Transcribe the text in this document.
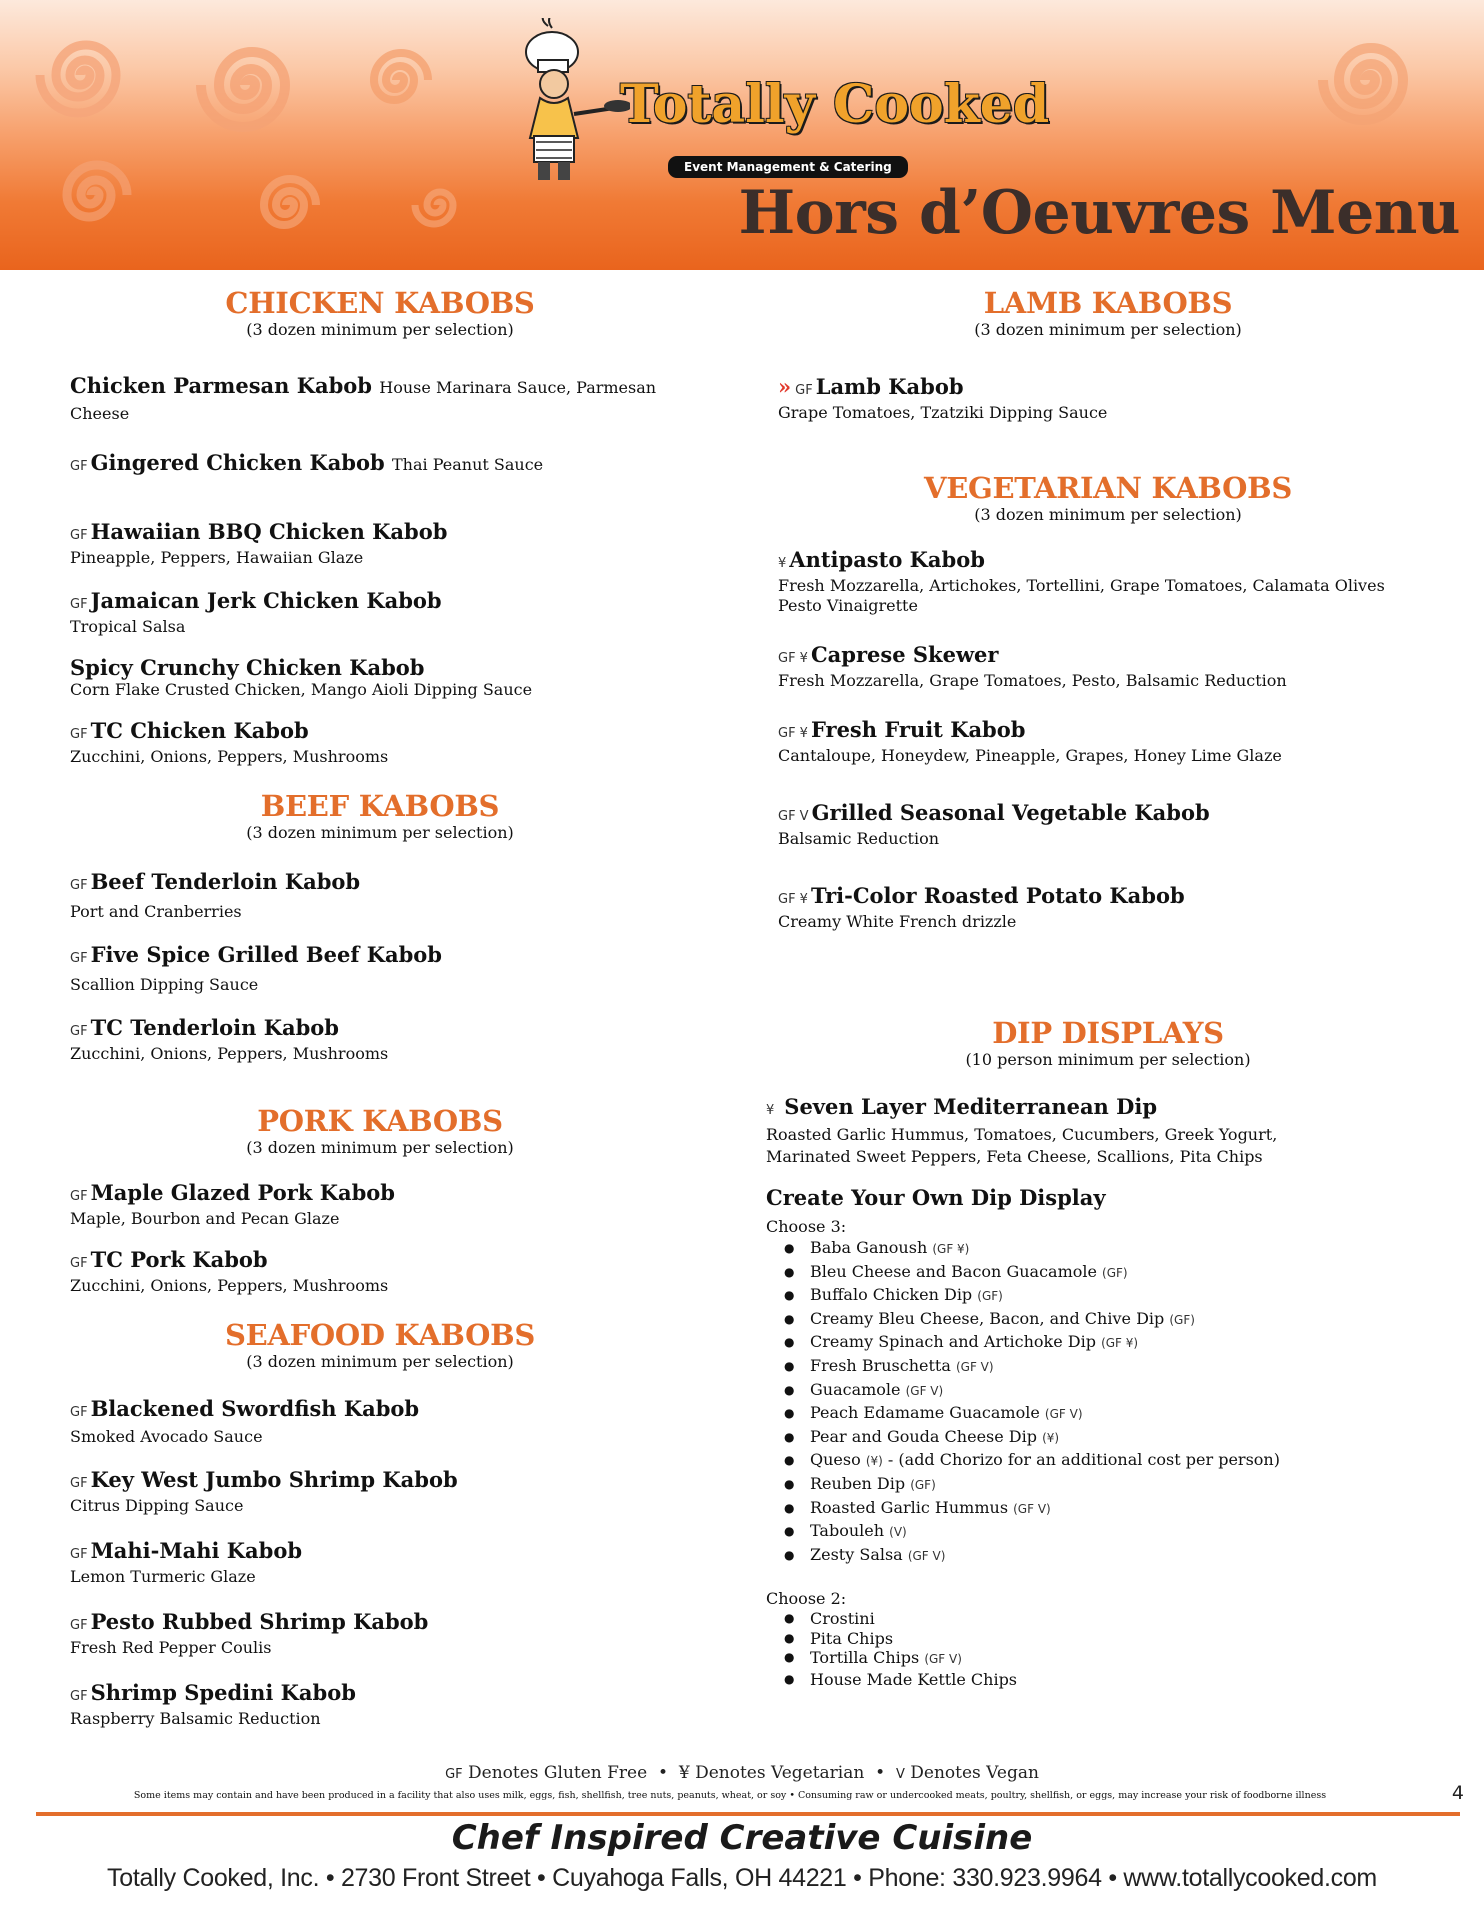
Totally Cooked
Event Management & Catering
Hors d’Oeuvres Menu
CHICKEN KABOBS
(3 dozen minimum per selection)
Chicken Parmesan Kabob House Marinara Sauce, Parmesan Cheese
GF Gingered Chicken Kabob Thai Peanut Sauce
GF Hawaiian BBQ Chicken Kabob
Pineapple, Peppers, Hawaiian Glaze
GF Jamaican Jerk Chicken Kabob
Tropical Salsa
Spicy Crunchy Chicken Kabob
Corn Flake Crusted Chicken, Mango Aioli Dipping Sauce
GF TC Chicken Kabob
Zucchini, Onions, Peppers, Mushrooms
BEEF KABOBS
(3 dozen minimum per selection)
GF Beef Tenderloin Kabob
Port and Cranberries
GF Five Spice Grilled Beef Kabob
Scallion Dipping Sauce
GF TC Tenderloin Kabob
Zucchini, Onions, Peppers, Mushrooms
PORK KABOBS
(3 dozen minimum per selection)
GF Maple Glazed Pork Kabob
Maple, Bourbon and Pecan Glaze
GF TC Pork Kabob
Zucchini, Onions, Peppers, Mushrooms
SEAFOOD KABOBS
(3 dozen minimum per selection)
GF Blackened Swordfish Kabob
Smoked Avocado Sauce
GF Key West Jumbo Shrimp Kabob
Citrus Dipping Sauce
GF Mahi-Mahi Kabob
Lemon Turmeric Glaze
GF Pesto Rubbed Shrimp Kabob
Fresh Red Pepper Coulis
GF Shrimp Spedini Kabob
Raspberry Balsamic Reduction
LAMB KABOBS
(3 dozen minimum per selection)
» GF Lamb Kabob
Grape Tomatoes, Tzatziki Dipping Sauce
VEGETARIAN KABOBS
(3 dozen minimum per selection)
¥ Antipasto Kabob
Fresh Mozzarella, Artichokes, Tortellini, Grape Tomatoes, Calamata Olives Pesto Vinaigrette
GF ¥ Caprese Skewer
Fresh Mozzarella, Grape Tomatoes, Pesto, Balsamic Reduction
GF ¥ Fresh Fruit Kabob
Cantaloupe, Honeydew, Pineapple, Grapes, Honey Lime Glaze
GF V Grilled Seasonal Vegetable Kabob
Balsamic Reduction
GF ¥ Tri-Color Roasted Potato Kabob
Creamy White French drizzle
DIP DISPLAYS
(10 person minimum per selection)
¥ Seven Layer Mediterranean Dip
Roasted Garlic Hummus, Tomatoes, Cucumbers, Greek Yogurt,
Marinated Sweet Peppers, Feta Cheese, Scallions, Pita Chips
Create Your Own Dip Display
Choose 3:
● Baba Ganoush (GF ¥)
● Bleu Cheese and Bacon Guacamole (GF)
● Buffalo Chicken Dip (GF)
● Creamy Bleu Cheese, Bacon, and Chive Dip (GF)
● Creamy Spinach and Artichoke Dip (GF ¥)
● Fresh Bruschetta (GF V)
● Guacamole (GF V)
● Peach Edamame Guacamole (GF V)
● Pear and Gouda Cheese Dip (¥)
● Queso (¥) - (add Chorizo for an additional cost per person)
● Reuben Dip (GF)
● Roasted Garlic Hummus (GF V)
● Tabouleh (V)
● Zesty Salsa (GF V)
Choose 2:
● Crostini
● Pita Chips
● Tortilla Chips (GF V)
● House Made Kettle Chips
GF Denotes Gluten Free • ¥ Denotes Vegetarian • V Denotes Vegan
Some items may contain and have been produced in a facility that also uses milk, eggs, fish, shellfish, tree nuts, peanuts, wheat, or soy • Consuming raw or undercooked meats, poultry, shellfish, or eggs, may increase your risk of foodborne illness	4
Chef Inspired Creative Cuisine
Totally Cooked, Inc. • 2730 Front Street • Cuyahoga Falls, OH 44221 • Phone: 330.923.9964 • www.totallycooked.com
